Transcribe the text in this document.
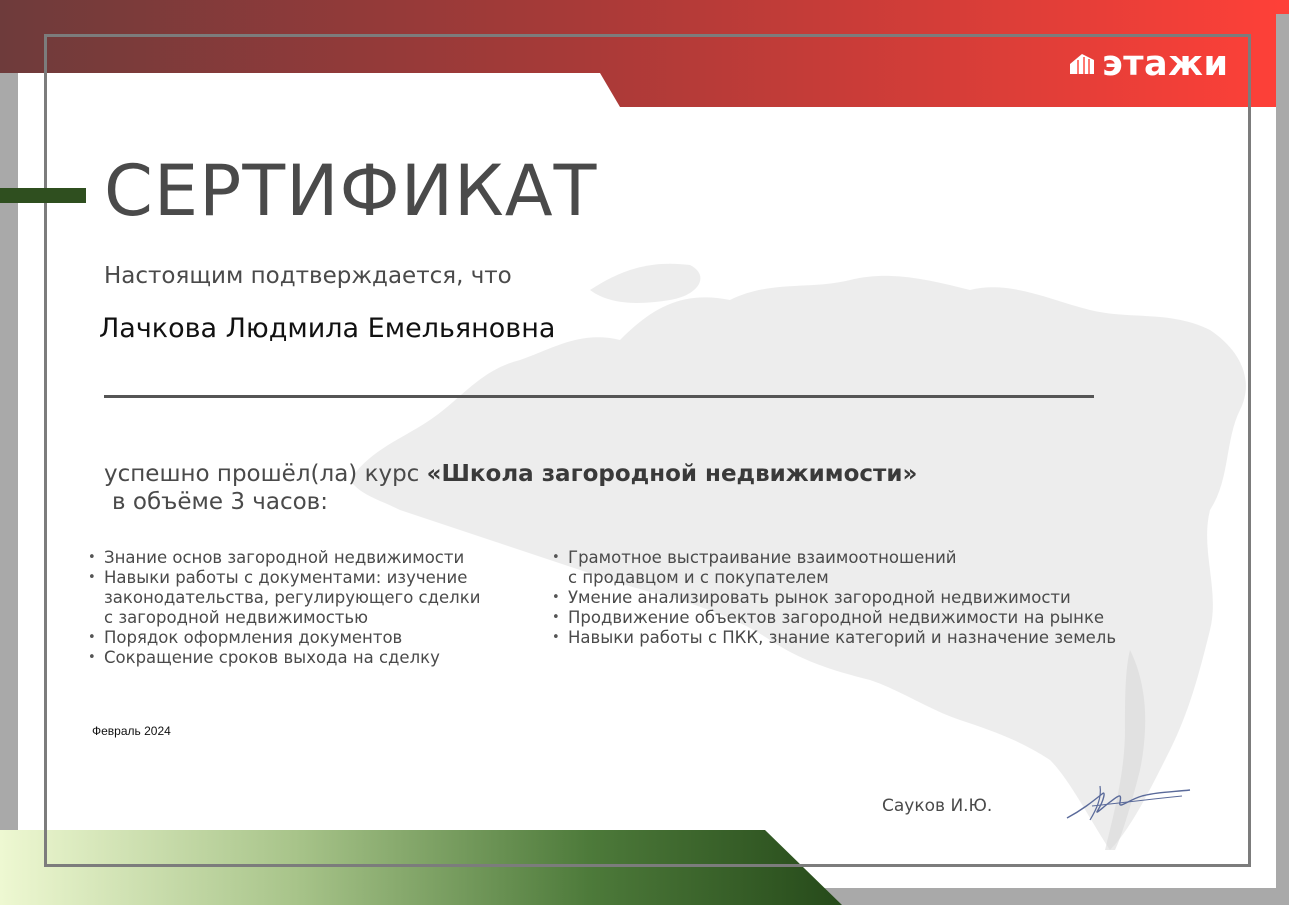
этажи
СЕРТИФИКАТ
Настоящим подтверждается, что
Лачкова Людмила Емельяновна
успешно прошёл(ла) курс «Школа загородной недвижимости»
в объёме 3 часов:
• Знание основ загородной недвижимости
• Навыки работы с документами: изучение
законодательства, регулирующего сделки
с загородной недвижимостью
• Порядок оформления документов
• Сокращение сроков выхода на сделку
• Грамотное выстраивание взаимоотношений
с продавцом и с покупателем
• Умение анализировать рынок загородной недвижимости
• Продвижение объектов загородной недвижимости на рынке
• Навыки работы с ПКК, знание категорий и назначение земель
Февраль 2024
Сауков И.Ю.
